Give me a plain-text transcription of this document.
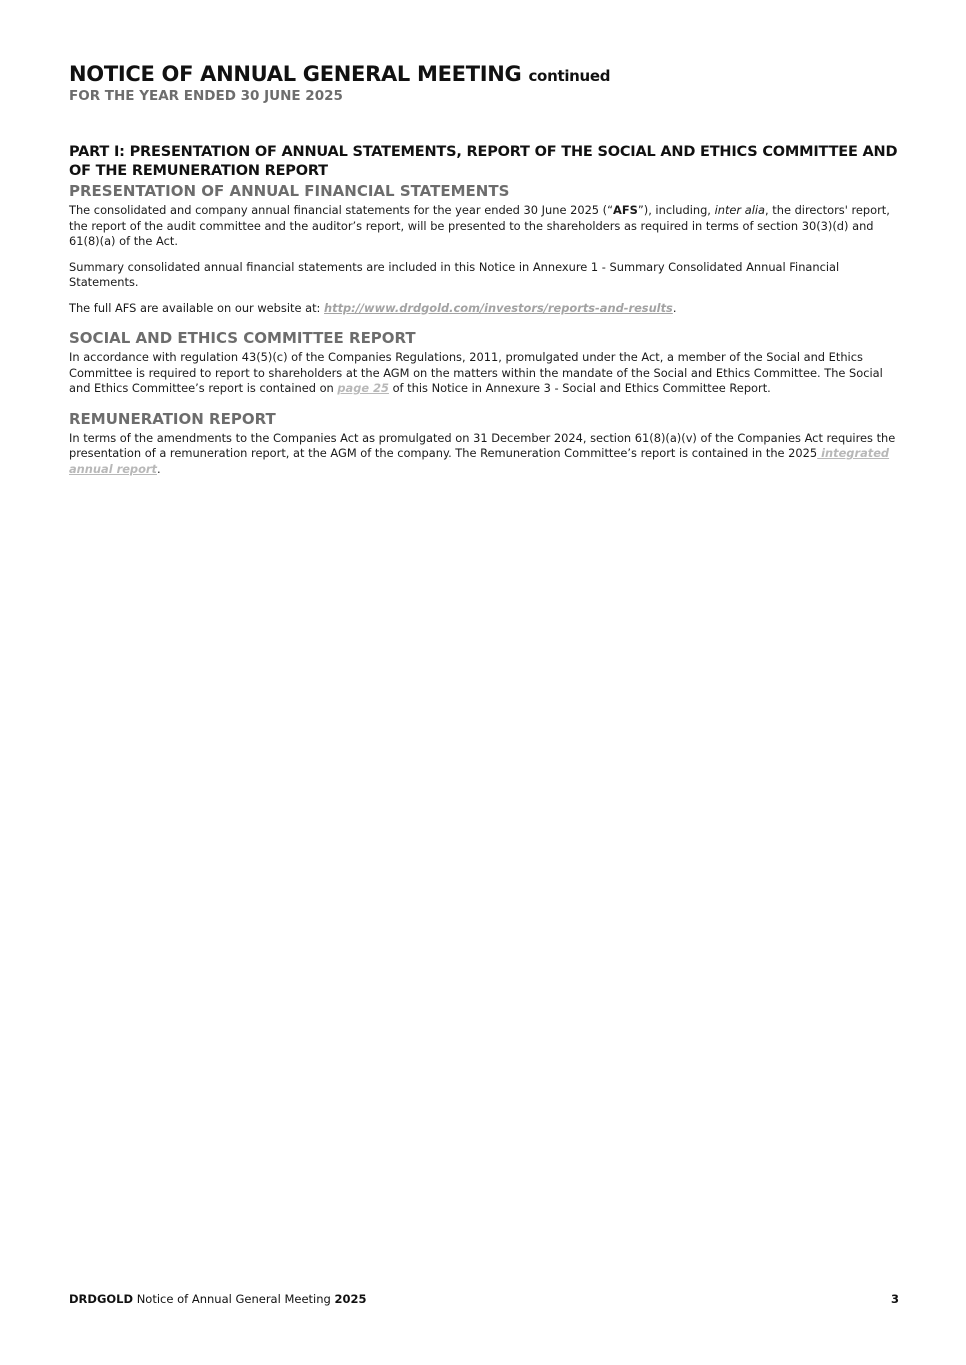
NOTICE OF ANNUAL GENERAL MEETING continued
FOR THE YEAR ENDED 30 JUNE 2025
PART I: PRESENTATION OF ANNUAL STATEMENTS, REPORT OF THE SOCIAL AND ETHICS COMMITTEE AND OF THE REMUNERATION REPORT
PRESENTATION OF ANNUAL FINANCIAL STATEMENTS

The consolidated and company annual financial statements for the year ended 30 June 2025 (“AFS”), including, inter alia, the directors' report, the report of the audit committee and the auditor’s report, will be presented to the shareholders as required in terms of section 30(3)(d) and 61(8)(a) of the Act.

Summary consolidated annual financial statements are included in this Notice in Annexure 1 - Summary Consolidated Annual Financial Statements.

The full AFS are available on our website at: http://www.drdgold.com/investors/reports-and-results.

SOCIAL AND ETHICS COMMITTEE REPORT

In accordance with regulation 43(5)(c) of the Companies Regulations, 2011, promulgated under the Act, a member of the Social and Ethics Committee is required to report to shareholders at the AGM on the matters within the mandate of the Social and Ethics Committee. The Social and Ethics Committee’s report is contained on page 25 of this Notice in Annexure 3 - Social and Ethics Committee Report.

REMUNERATION REPORT

In terms of the amendments to the Companies Act as promulgated on 31 December 2024, section 61(8)(a)(v) of the Companies Act requires the presentation of a remuneration report, at the AGM of the company. The Remuneration Committee’s report is contained in the 2025 integrated annual report.

DRDGOLD Notice of Annual General Meeting 2025	3
